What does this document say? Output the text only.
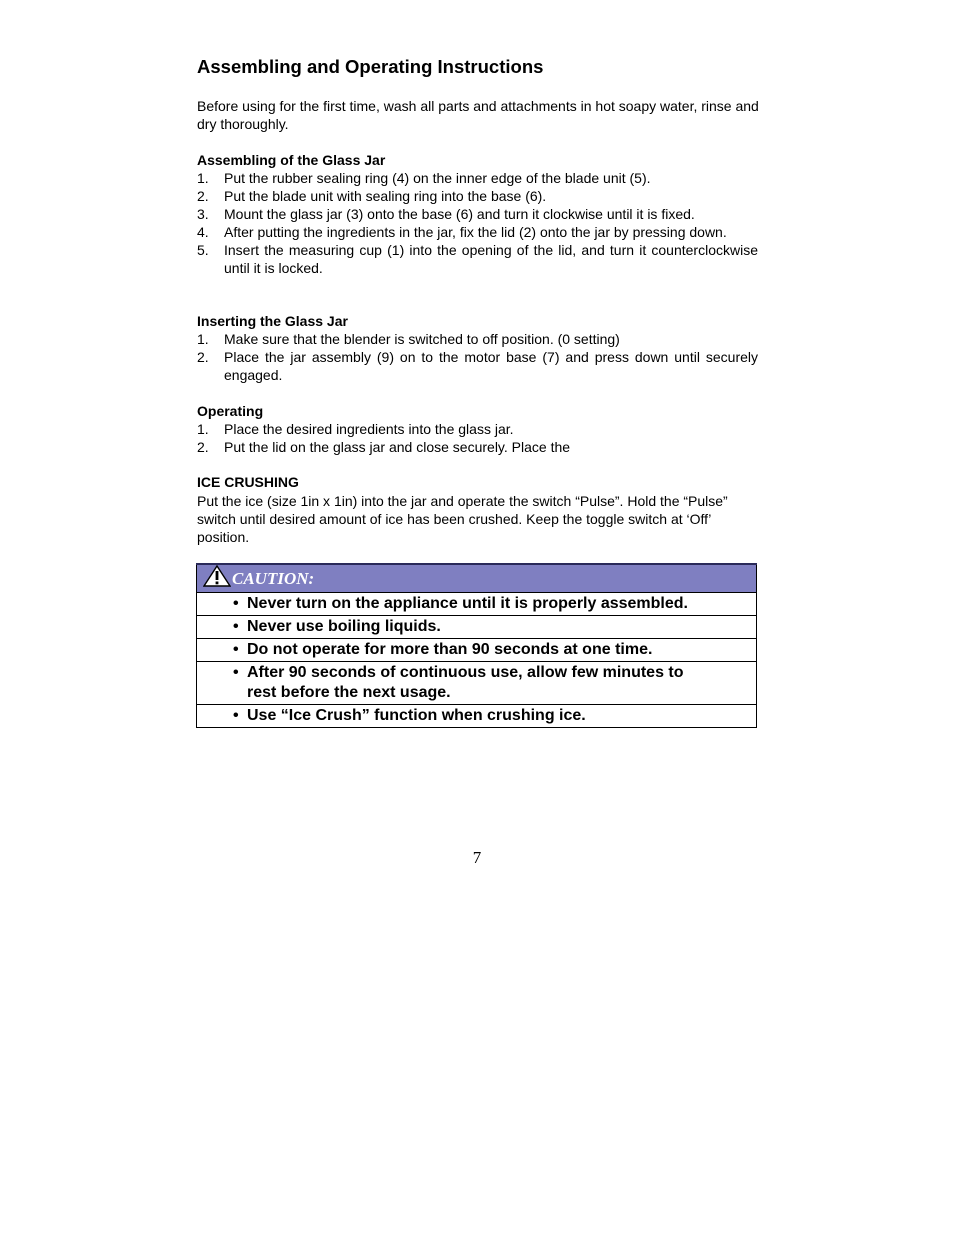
Assembling and Operating Instructions

Before using for the first time, wash all parts and attachments in hot soapy water, rinse and dry thoroughly.

Assembling of the Glass Jar
1. Put the rubber sealing ring (4) on the inner edge of the blade unit (5).
2. Put the blade unit with sealing ring into the base (6).
3. Mount the glass jar (3) onto the base (6) and turn it clockwise until it is fixed.
4. After putting the ingredients in the jar, fix the lid (2) onto the jar by pressing down.
5. Insert the measuring cup (1) into the opening of the lid, and turn it counterclockwise until it is locked.
Inserting the Glass Jar
1. Make sure that the blender is switched to off position. (0 setting)
2. Place the jar assembly (9) on to the motor base (7) and press down until securely engaged.
Operating
1. Place the desired ingredients into the glass jar.
2. Put the lid on the glass jar and close securely. Place the
ICE CRUSHING

Put the ice (size 1in x 1in) into the jar and operate the switch “Pulse”. Hold the “Pulse” switch until desired amount of ice has been crushed. Keep the toggle switch at ‘Off’ position.

CAUTION:

• Never turn on the appliance until it is properly assembled.

• Never use boiling liquids.

• Do not operate for more than 90 seconds at one time.

• After 90 seconds of continuous use, allow few minutes to rest before the next usage.

• Use “Ice Crush” function when crushing ice.

7
